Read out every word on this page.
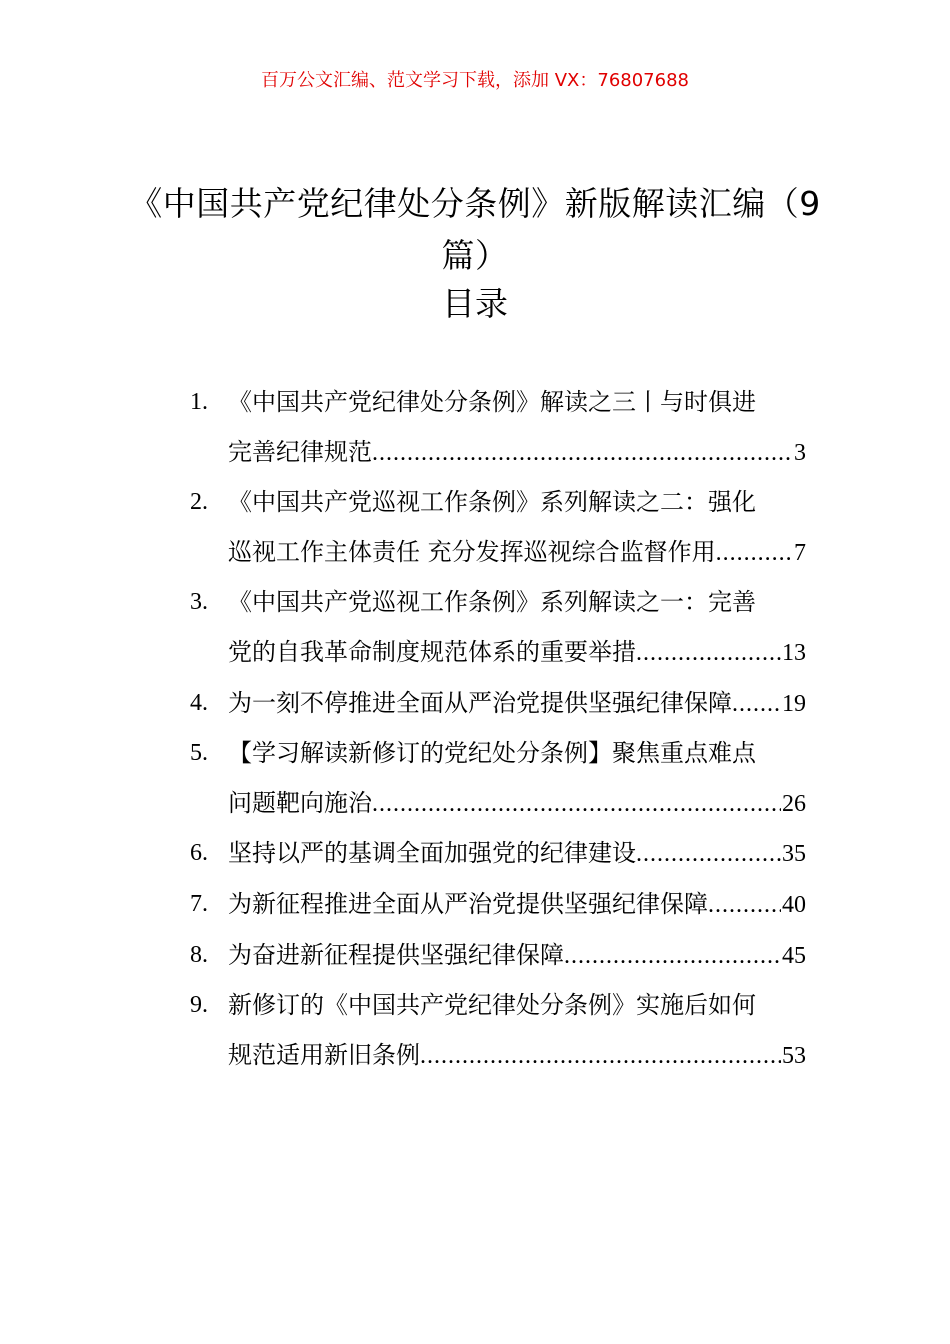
百万公文汇编、范文学习下载，添加 VX：76807688
《中国共产党纪律处分条例》新版解读汇编（9篇）
目录
1. 《中国共产党纪律处分条例》解读之三丨与时俱进
完善纪律规范 .....	3
2. 《中国共产党巡视工作条例》系列解读之二：强化
巡视工作主体责任 充分发挥巡视综合监督作用 .....	7
3. 《中国共产党巡视工作条例》系列解读之一：完善
党的自我革命制度规范体系的重要举措 .....	13
4. 为一刻不停推进全面从严治党提供坚强纪律保障 ..... 19
5. 【学习解读新修订的党纪处分条例】聚焦重点难点
问题靶向施治 .....	26
6. 坚持以严的基调全面加强党的纪律建设 .....	35
7. 为新征程推进全面从严治党提供坚强纪律保障 .....	40
8. 为奋进新征程提供坚强纪律保障 .....	45
9. 新修订的《中国共产党纪律处分条例》实施后如何
规范适用新旧条例 .....	53
